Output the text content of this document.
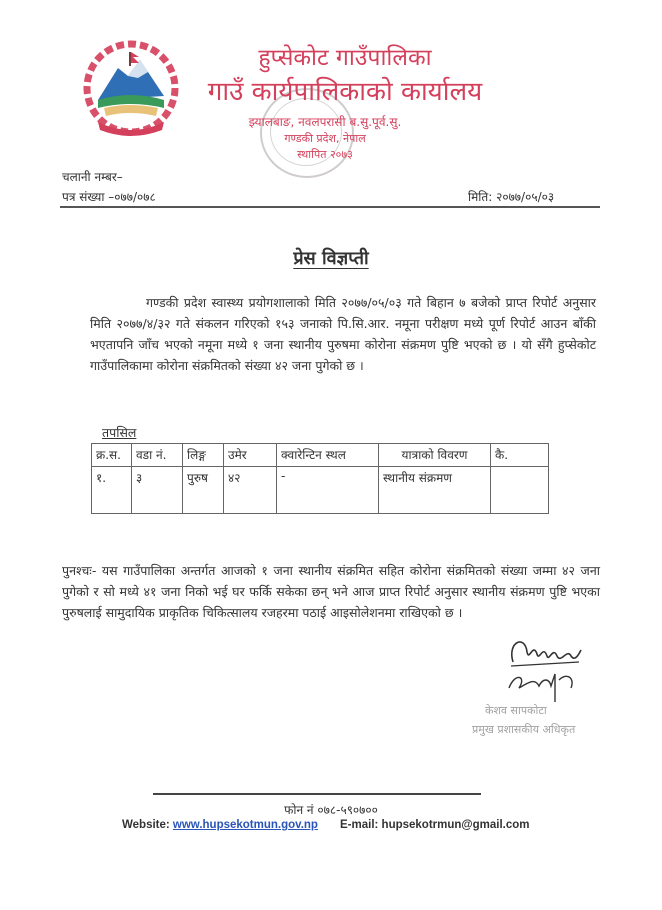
हुप्सेकोट गाउँपालिका
गाउँ कार्यपालिकाको कार्यालय
झ्यालबाङ, नवलपरासी ब.सु.पूर्व.सु.
गण्डकी प्रदेश, नेपाल
स्थापित २०७३
चलानी नम्बर–
पत्र संख्या –०७७/०७८	मिति: २०७७/०५/०३
प्रेस विज्ञप्ती
गण्डकी प्रदेश स्वास्थ्य प्रयोगशालाको मिति २०७७/०५/०३ गते बिहान ७ बजेको प्राप्त रिपोर्ट अनुसार मिति २०७७/४/३२ गते संकलन गरिएको १५३ जनाको पि.सि.आर. नमूना परीक्षण मध्ये पूर्ण रिपोर्ट आउन बाँकी भएतापनि जाँच भएको नमूना मध्ये १ जना स्थानीय पुरुषमा कोरोना संक्रमण पुष्टि भएको छ । यो सँगै हुप्सेकोट गाउँपालिकामा कोरोना संक्रमितको संख्या ४२ जना पुगेको छ ।
तपसिल
क्र.स.	वडा नं.	लिङ्ग	उमेर	क्वारेन्टिन स्थल	यात्राको विवरण	कै.
१.	३	पुरुष	४२	-	स्थानीय संक्रमण	
पुनश्चः- यस गाउँपालिका अन्तर्गत आजको १ जना स्थानीय संक्रमित सहित कोरोना संक्रमितको संख्या जम्मा ४२ जना पुगेको र सो मध्ये ४१ जना निको भई घर फर्कि सकेका छन् भने आज प्राप्त रिपोर्ट अनुसार स्थानीय संक्रमण पुष्टि भएका पुरुषलाई सामुदायिक प्राकृतिक चिकित्सालय रजहरमा पठाई आइसोलेशनमा राखिएको छ ।
केशव सापकोटा
प्रमुख प्रशासकीय अधिकृत
फोन नं ०७८-५९०७००
Website: www.hupsekotmun.gov.np E-mail: hupsekotrmun@gmail.com
